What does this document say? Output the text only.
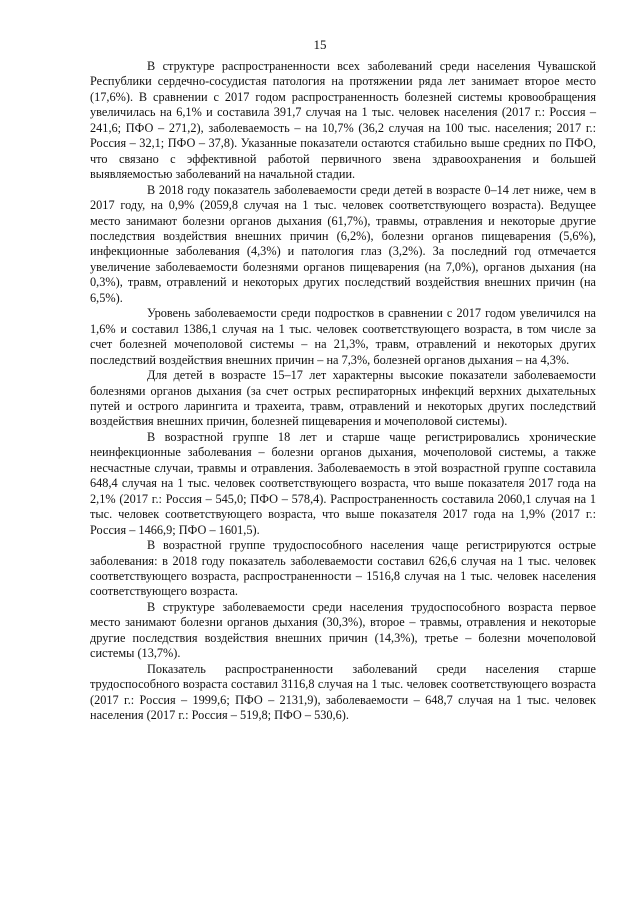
15

В структуре распространенности всех заболеваний среди населения Чувашской Республики сердечно-сосудистая патология на протяжении ряда лет занимает второе место (17,6%). В сравнении с 2017 годом распространенность болезней системы кровообращения увеличилась на 6,1% и составила 391,7 случая на 1 тыс. человек населения (2017 г.: Россия – 241,6; ПФО – 271,2), заболеваемость – на 10,7% (36,2 случая на 100 тыс. населения; 2017 г.: Россия – 32,1; ПФО – 37,8). Указанные показатели остаются стабильно выше средних по ПФО, что связано с эффективной работой первичного звена здравоохранения и большей выявляемостью заболеваний на начальной стадии.

В 2018 году показатель заболеваемости среди детей в возрасте 0–14 лет ниже, чем в 2017 году, на 0,9% (2059,8 случая на 1 тыс. человек соответствующего возраста). Ведущее место занимают болезни органов дыхания (61,7%), травмы, отравления и некоторые другие последствия воздействия внешних причин (6,2%), болезни органов пищеварения (5,6%), инфекционные заболевания (4,3%) и патология глаз (3,2%). За последний год отмечается увеличение заболеваемости болезнями органов пищеварения (на 7,0%), органов дыхания (на 0,3%), травм, отравлений и некоторых других последствий воздействия внешних причин (на 6,5%).

Уровень заболеваемости среди подростков в сравнении с 2017 годом увеличился на 1,6% и составил 1386,1 случая на 1 тыс. человек соответствующего возраста, в том числе за счет болезней мочеполовой системы – на 21,3%, травм, отравлений и некоторых других последствий воздействия внешних причин – на 7,3%, болезней органов дыхания – на 4,3%.

Для детей в возрасте 15–17 лет характерны высокие показатели заболеваемости болезнями органов дыхания (за счет острых респираторных инфекций верхних дыхательных путей и острого ларингита и трахеита, травм, отравлений и некоторых других последствий воздействия внешних причин, болезней пищеварения и мочеполовой системы).

В возрастной группе 18 лет и старше чаще регистрировались хронические неинфекционные заболевания – болезни органов дыхания, мочеполовой системы, а также несчастные случаи, травмы и отравления. Заболеваемость в этой возрастной группе составила 648,4 случая на 1 тыс. человек соответствующего возраста, что выше показателя 2017 года на 2,1% (2017 г.: Россия – 545,0; ПФО – 578,4). Распространенность составила 2060,1 случая на 1 тыс. человек соответствующего возраста, что выше показателя 2017 года на 1,9% (2017 г.: Россия – 1466,9; ПФО – 1601,5).

В возрастной группе трудоспособного населения чаще регистрируются острые заболевания: в 2018 году показатель заболеваемости составил 626,6 случая на 1 тыс. человек соответствующего возраста, распространенности – 1516,8 случая на 1 тыс. человек населения соответствующего возраста.

В структуре заболеваемости среди населения трудоспособного возраста первое место занимают болезни органов дыхания (30,3%), второе – травмы, отравления и некоторые другие последствия воздействия внешних причин (14,3%), третье – болезни мочеполовой системы (13,7%).

Показатель распространенности заболеваний среди населения старше трудоспособного возраста составил 3116,8 случая на 1 тыс. человек соответствующего возраста (2017 г.: Россия – 1999,6; ПФО – 2131,9), заболеваемости – 648,7 случая на 1 тыс. человек населения (2017 г.: Россия – 519,8; ПФО – 530,6).
